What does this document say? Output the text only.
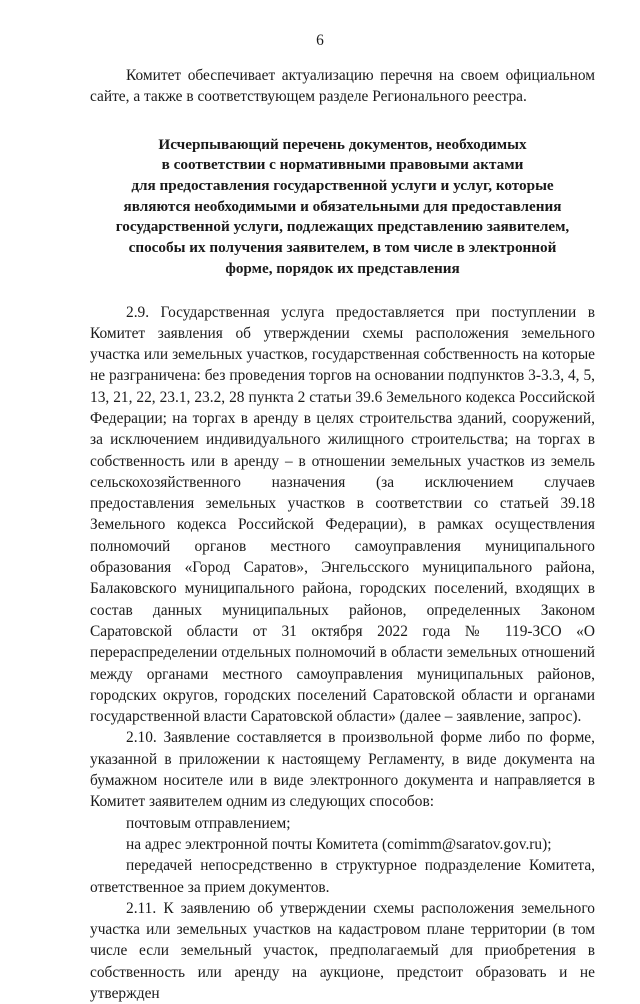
6

Комитет обеспечивает актуализацию перечня на своем официальном сайте, а также в соответствующем разделе Регионального реестра.

Исчерпывающий перечень документов, необходимых
в соответствии с нормативными правовыми актами
для предоставления государственной услуги и услуг, которые
являются необходимыми и обязательными для предоставления
государственной услуги, подлежащих представлению заявителем,
способы их получения заявителем, в том числе в электронной
форме, порядок их представления

2.9. Государственная услуга предоставляется при поступлении в Комитет заявления об утверждении схемы расположения земельного участка или земельных участков, государственная собственность на которые не разграничена: без проведения торгов на основании подпунктов 3-3.3, 4, 5, 13, 21, 22, 23.1, 23.2, 28 пункта 2 статьи 39.6 Земельного кодекса Российской Федерации; на торгах в аренду в целях строительства зданий, сооружений, за исключением индивидуального жилищного строительства; на торгах в собственность или в аренду – в отношении земельных участков из земель сельскохозяйственного назначения (за исключением случаев предоставления земельных участков в соответствии со статьей 39.18 Земельного кодекса Российской Федерации), в рамках осуществления полномочий органов местного самоуправления муниципального образования «Город Саратов», Энгельсского муниципального района, Балаковского муниципального района, городских поселений, входящих в состав данных муниципальных районов, определенных Законом Саратовской области от 31 октября 2022 года № 119-ЗСО «О перераспределении отдельных полномочий в области земельных отношений между органами местного самоуправления муниципальных районов, городских округов, городских поселений Саратовской области и органами государственной власти Саратовской области» (далее – заявление, запрос).

2.10. Заявление составляется в произвольной форме либо по форме, указанной в приложении к настоящему Регламенту, в виде документа на бумажном носителе или в виде электронного документа и направляется в Комитет заявителем одним из следующих способов:

почтовым отправлением;

на адрес электронной почты Комитета (comimm@saratov.gov.ru);

передачей непосредственно в структурное подразделение Комитета, ответственное за прием документов.

2.11. К заявлению об утверждении схемы расположения земельного участка или земельных участков на кадастровом плане территории (в том числе если земельный участок, предполагаемый для приобретения в собственность или аренду на аукционе, предстоит образовать и не утвержден
